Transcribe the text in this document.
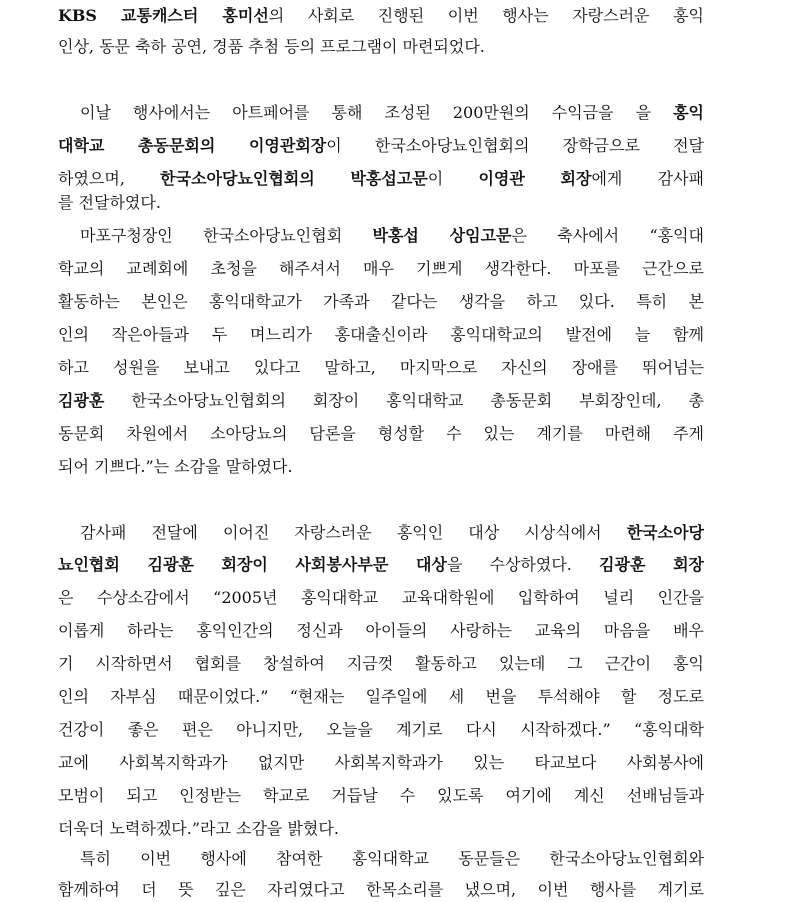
KBS 교통캐스터 홍미선의 사회로 진행된 이번 행사는 자랑스러운 홍익
인상, 동문 축하 공연, 경품 추첨 등의 프로그램이 마련되었다.
이날 행사에서는 아트페어를 통해 조성된 200만원의 수익금을 을 홍익
대학교 총동문회의 이영관회장이 한국소아당뇨인협회의 장학금으로 전달
하였으며, 한국소아당뇨인협회의 박홍섭고문이 이영관 회장에게 감사패
를 전달하였다.
마포구청장인 한국소아당뇨인협회 박홍섭 상임고문은 축사에서 “홍익대
학교의 교례회에 초청을 해주셔서 매우 기쁘게 생각한다. 마포를 근간으로
활동하는 본인은 홍익대학교가 가족과 같다는 생각을 하고 있다. 특히 본
인의 작은아들과 두 며느리가 홍대출신이라 홍익대학교의 발전에 늘 함께
하고 성원을 보내고 있다고 말하고, 마지막으로 자신의 장애를 뛰어넘는
김광훈 한국소아당뇨인협회의 회장이 홍익대학교 총동문회 부회장인데, 총
동문회 차원에서 소아당뇨의 담론을 형성할 수 있는 계기를 마련해 주게
되어 기쁘다.”는 소감을 말하였다.
감사패 전달에 이어진 자랑스러운 홍익인 대상 시상식에서 한국소아당
뇨인협회 김광훈 회장이 사회봉사부문 대상을 수상하였다. 김광훈 회장
은 수상소감에서 “2005년 홍익대학교 교육대학원에 입학하여 널리 인간을
이롭게 하라는 홍익인간의 정신과 아이들의 사랑하는 교육의 마음을 배우
기 시작하면서 협회를 창설하여 지금껏 활동하고 있는데 그 근간이 홍익
인의 자부심 때문이었다.” “현재는 일주일에 세 번을 투석해야 할 정도로
건강이 좋은 편은 아니지만, 오늘을 계기로 다시 시작하겠다.” “홍익대학
교에 사회복지학과가 없지만 사회복지학과가 있는 타교보다 사회봉사에
모범이 되고 인정받는 학교로 거듭날 수 있도록 여기에 계신 선배님들과
더욱더 노력하겠다.”라고 소감을 밝혔다.
특히 이번 행사에 참여한 홍익대학교 동문들은 한국소아당뇨인협회와
함께하여 더 뜻 깊은 자리였다고 한목소리를 냈으며, 이번 행사를 계기로
